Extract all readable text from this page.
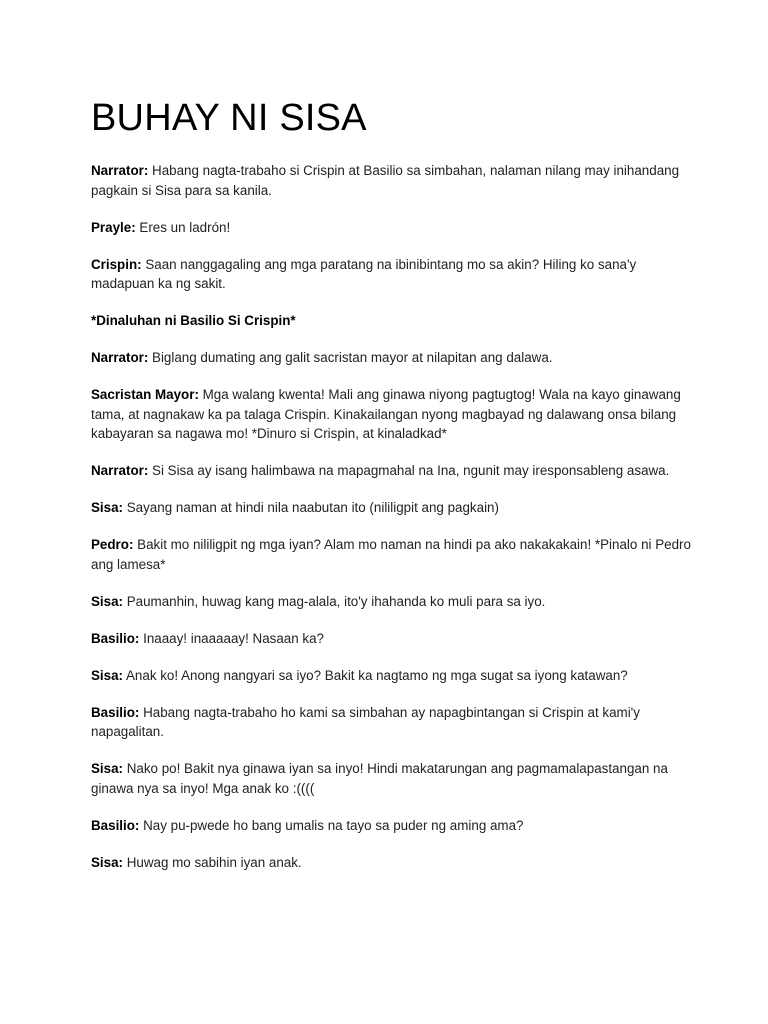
BUHAY NI SISA

Narrator: Habang nagta-trabaho si Crispin at Basilio sa simbahan, nalaman nilang may inihandang pagkain si Sisa para sa kanila.

Prayle: Eres un ladrón!

Crispin: Saan nanggagaling ang mga paratang na ibinibintang mo sa akin? Hiling ko sana'y madapuan ka ng sakit.

*Dinaluhan ni Basilio Si Crispin*

Narrator: Biglang dumating ang galit sacristan mayor at nilapitan ang dalawa.

Sacristan Mayor: Mga walang kwenta! Mali ang ginawa niyong pagtugtog! Wala na kayo ginawang tama, at nagnakaw ka pa talaga Crispin. Kinakailangan nyong magbayad ng dalawang onsa bilang kabayaran sa nagawa mo! *Dinuro si Crispin, at kinaladkad*

Narrator: Si Sisa ay isang halimbawa na mapagmahal na Ina, ngunit may iresponsableng asawa.

Sisa: Sayang naman at hindi nila naabutan ito (nililigpit ang pagkain)

Pedro: Bakit mo nililigpit ng mga iyan? Alam mo naman na hindi pa ako nakakakain! *Pinalo ni Pedro ang lamesa*

Sisa: Paumanhin, huwag kang mag-alala, ito'y ihahanda ko muli para sa iyo.

Basilio: Inaaay! inaaaaay! Nasaan ka?

Sisa: Anak ko! Anong nangyari sa iyo? Bakit ka nagtamo ng mga sugat sa iyong katawan?

Basilio: Habang nagta-trabaho ho kami sa simbahan ay napagbintangan si Crispin at kami'y napagalitan.

Sisa: Nako po! Bakit nya ginawa iyan sa inyo! Hindi makatarungan ang pagmamalapastangan na ginawa nya sa inyo! Mga anak ko :((((

Basilio: Nay pu-pwede ho bang umalis na tayo sa puder ng aming ama?

Sisa: Huwag mo sabihin iyan anak.
